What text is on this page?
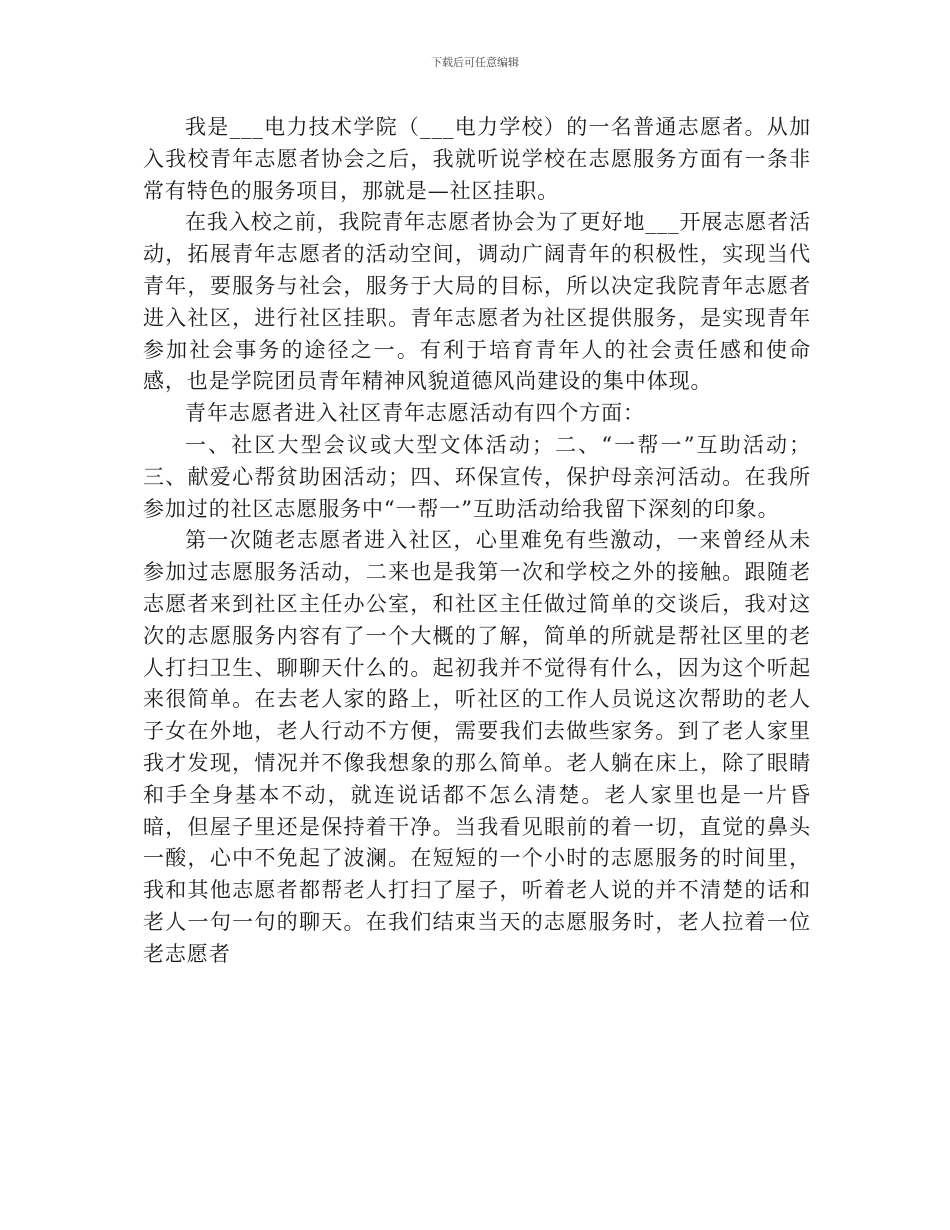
下载后可任意编辑

我是___电力技术学院（___电力学校）的一名普通志愿者。从加入我校青年志愿者协会之后，我就听说学校在志愿服务方面有一条非常有特色的服务项目，那就是—社区挂职。

在我入校之前，我院青年志愿者协会为了更好地___开展志愿者活动，拓展青年志愿者的活动空间，调动广阔青年的积极性，实现当代青年，要服务与社会，服务于大局的目标，所以决定我院青年志愿者进入社区，进行社区挂职。青年志愿者为社区提供服务，是实现青年参加社会事务的途径之一。有利于培育青年人的社会责任感和使命感，也是学院团员青年精神风貌道德风尚建设的集中体现。

青年志愿者进入社区青年志愿活动有四个方面：

一、社区大型会议或大型文体活动；二、“一帮一”互助活动；三、献爱心帮贫助困活动；四、环保宣传，保护母亲河活动。在我所参加过的社区志愿服务中“一帮一”互助活动给我留下深刻的印象。

第一次随老志愿者进入社区，心里难免有些激动，一来曾经从未参加过志愿服务活动，二来也是我第一次和学校之外的接触。跟随老志愿者来到社区主任办公室，和社区主任做过简单的交谈后，我对这次的志愿服务内容有了一个大概的了解，简单的所就是帮社区里的老人打扫卫生、聊聊天什么的。起初我并不觉得有什么，因为这个听起来很简单。在去老人家的路上，听社区的工作人员说这次帮助的老人子女在外地，老人行动不方便，需要我们去做些家务。到了老人家里我才发现，情况并不像我想象的那么简单。老人躺在床上，除了眼睛和手全身基本不动，就连说话都不怎么清楚。老人家里也是一片昏暗，但屋子里还是保持着干净。当我看见眼前的着一切，直觉的鼻头一酸，心中不免起了波澜。在短短的一个小时的志愿服务的时间里，我和其他志愿者都帮老人打扫了屋子，听着老人说的并不清楚的话和老人一句一句的聊天。在我们结束当天的志愿服务时，老人拉着一位老志愿者
